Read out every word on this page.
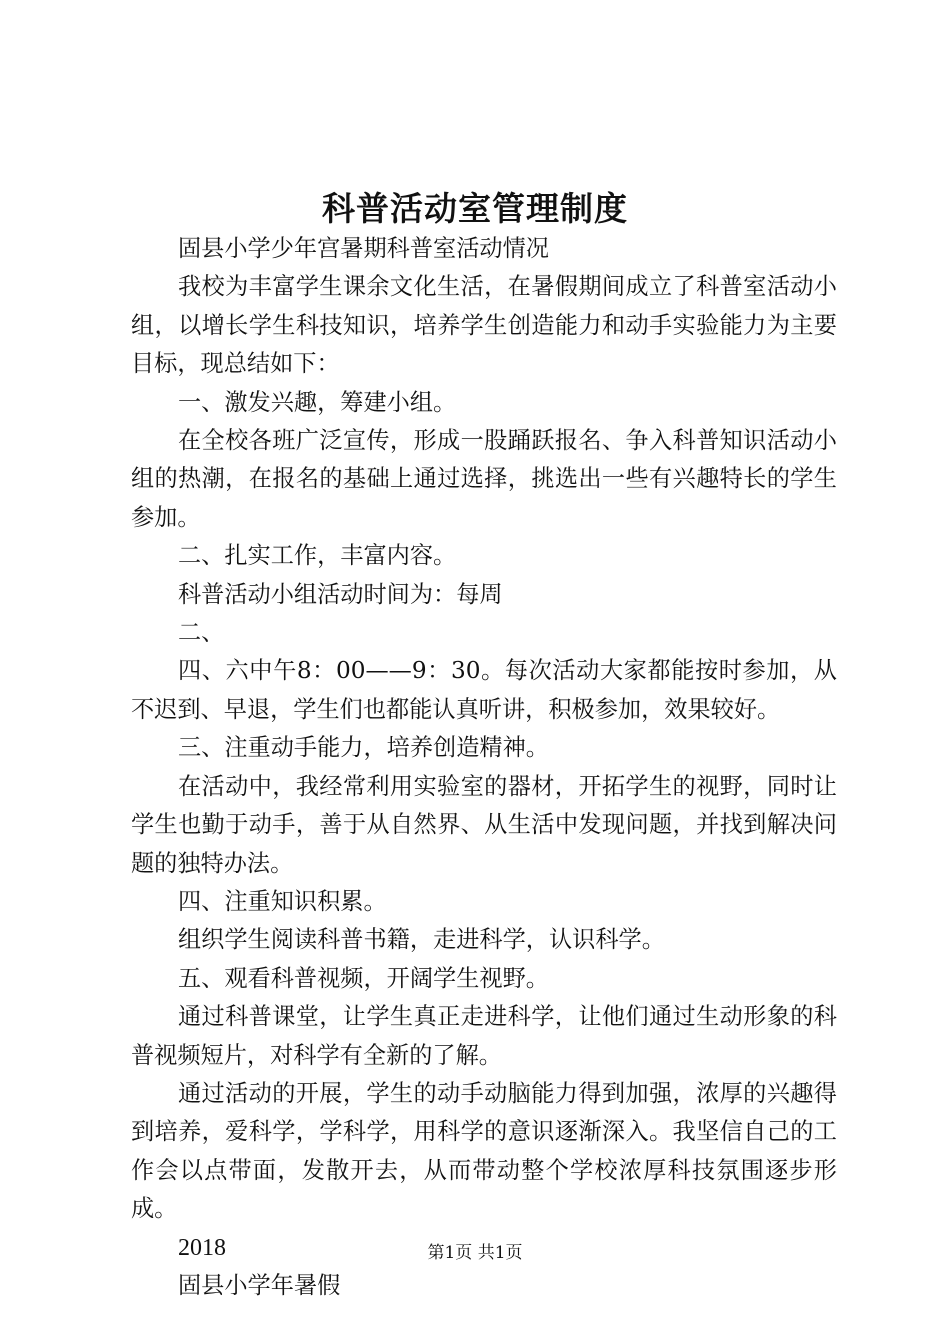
科普活动室管理制度

固县小学少年宫暑期科普室活动情况

我校为丰富学生课余文化生活，在暑假期间成立了科普室活动小组，以增长学生科技知识，培养学生创造能力和动手实验能力为主要目标，现总结如下：

一、激发兴趣，筹建小组。

在全校各班广泛宣传，形成一股踊跃报名、争入科普知识活动小组的热潮，在报名的基础上通过选择，挑选出一些有兴趣特长的学生参加。

二、扎实工作，丰富内容。

科普活动小组活动时间为：每周

二、

四、六中午8：00——9：30。每次活动大家都能按时参加，从不迟到、早退，学生们也都能认真听讲，积极参加，效果较好。

三、注重动手能力，培养创造精神。

在活动中，我经常利用实验室的器材，开拓学生的视野，同时让学生也勤于动手，善于从自然界、从生活中发现问题，并找到解决问题的独特办法。

四、注重知识积累。

组织学生阅读科普书籍，走进科学，认识科学。

五、观看科普视频，开阔学生视野。

通过科普课堂，让学生真正走进科学，让他们通过生动形象的科普视频短片，对科学有全新的了解。

通过活动的开展，学生的动手动脑能力得到加强，浓厚的兴趣得到培养，爱科学，学科学，用科学的意识逐渐深入。我坚信自己的工作会以点带面，发散开去，从而带动整个学校浓厚科技氛围逐步形成。

2018

固县小学年暑假

第1页 共1页
